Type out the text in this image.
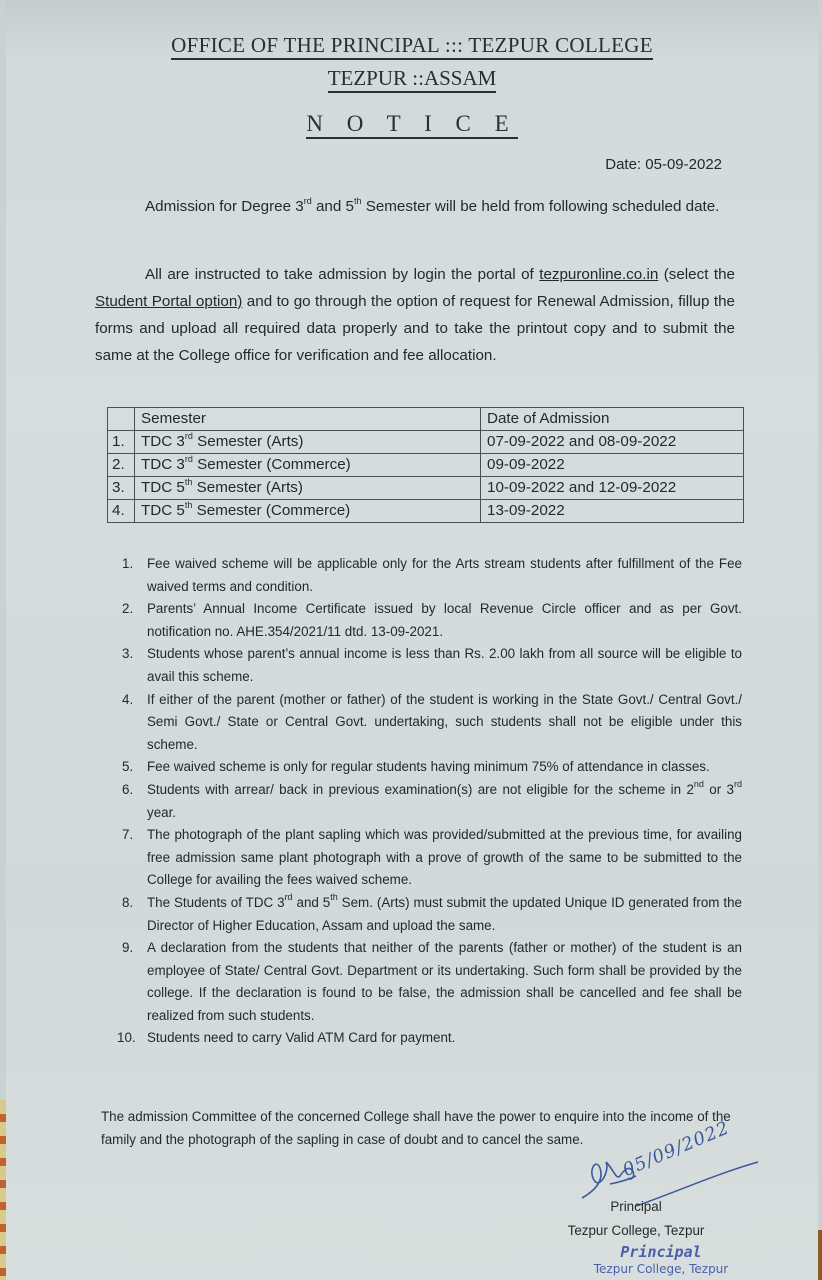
OFFICE OF THE PRINCIPAL ::: TEZPUR COLLEGE
TEZPUR ::ASSAM
N O T I C E
Date: 05-09-2022
Admission for Degree 3rd and 5th Semester will be held from following scheduled date.
All are instructed to take admission by login the portal of tezpuronline.co.in (select the Student Portal option) and to go through the option of request for Renewal Admission, fillup the forms and upload all required data properly and to take the printout copy and to submit the same at the College office for verification and fee allocation.
	Semester	Date of Admission
1.	TDC 3rd Semester (Arts)	07-09-2022 and 08-09-2022
2.	TDC 3rd Semester (Commerce)	09-09-2022
3.	TDC 5th Semester (Arts)	10-09-2022 and 12-09-2022
4.	TDC 5th Semester (Commerce)	13-09-2022
1. Fee waived scheme will be applicable only for the Arts stream students after fulfillment of the Fee waived terms and condition.
2. Parents’ Annual Income Certificate issued by local Revenue Circle officer and as per Govt. notification no. AHE.354/2021/11 dtd. 13-09-2021.
3. Students whose parent’s annual income is less than Rs. 2.00 lakh from all source will be eligible to avail this scheme.
4. If either of the parent (mother or father) of the student is working in the State Govt./ Central Govt./ Semi Govt./ State or Central Govt. undertaking, such students shall not be eligible under this scheme.
5. Fee waived scheme is only for regular students having minimum 75% of attendance in classes.
6. Students with arrear/ back in previous examination(s) are not eligible for the scheme in 2nd or 3rd year.
7. The photograph of the plant sapling which was provided/submitted at the previous time, for availing free admission same plant photograph with a prove of growth of the same to be submitted to the College for availing the fees waived scheme.
8. The Students of TDC 3rd and 5th Sem. (Arts) must submit the updated Unique ID generated from the Director of Higher Education, Assam and upload the same.
9. A declaration from the students that neither of the parents (father or mother) of the student is an employee of State/ Central Govt. Department or its undertaking. Such form shall be provided by the college. If the declaration is found to be false, the admission shall be cancelled and fee shall be realized from such students.
10. Students need to carry Valid ATM Card for payment.
The admission Committee of the concerned College shall have the power to enquire into the income of the family and the photograph of the sapling in case of doubt and to cancel the same.	05/09/2022
Principal
Tezpur College, Tezpur
Principal
Tezpur College, Tezpur
